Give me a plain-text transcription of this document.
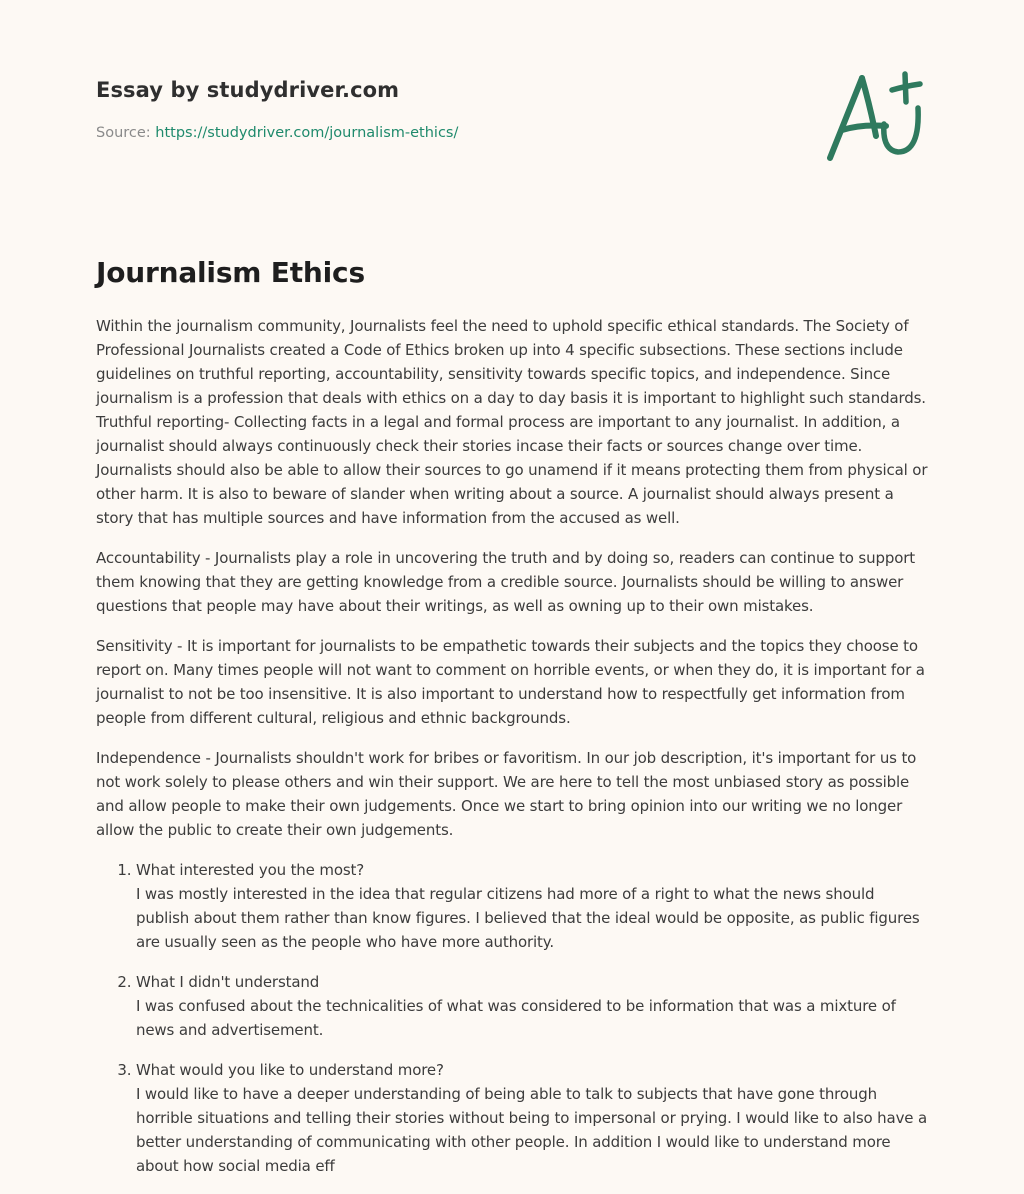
Essay by studydriver.com
Source: https://studydriver.com/journalism-ethics/
Journalism Ethics

Within the journalism community, Journalists feel the need to uphold specific ethical standards. The Society of Professional Journalists created a Code of Ethics broken up into 4 specific subsections. These sections include guidelines on truthful reporting, accountability, sensitivity towards specific topics, and independence. Since journalism is a profession that deals with ethics on a day to day basis it is important to highlight such standards. Truthful reporting- Collecting facts in a legal and formal process are important to any journalist. In addition, a journalist should always continuously check their stories incase their facts or sources change over time. Journalists should also be able to allow their sources to go unamend if it means protecting them from physical or other harm. It is also to beware of slander when writing about a source. A journalist should always present a story that has multiple sources and have information from the accused as well.

Accountability - Journalists play a role in uncovering the truth and by doing so, readers can continue to support them knowing that they are getting knowledge from a credible source. Journalists should be willing to answer questions that people may have about their writings, as well as owning up to their own mistakes.

Sensitivity - It is important for journalists to be empathetic towards their subjects and the topics they choose to report on. Many times people will not want to comment on horrible events, or when they do, it is important for a journalist to not be too insensitive. It is also important to understand how to respectfully get information from people from different cultural, religious and ethnic backgrounds.

Independence - Journalists shouldn't work for bribes or favoritism. In our job description, it's important for us to not work solely to please others and win their support. We are here to tell the most unbiased story as possible and allow people to make their own judgements. Once we start to bring opinion into our writing we no longer allow the public to create their own judgements.

1. What interested you the most?
I was mostly interested in the idea that regular citizens had more of a right to what the news should publish about them rather than know figures. I believed that the ideal would be opposite, as public figures are usually seen as the people who have more authority.
2. What I didn't understand
I was confused about the technicalities of what was considered to be information that was a mixture of news and advertisement.
3. What would you like to understand more?
I would like to have a deeper understanding of being able to talk to subjects that have gone through horrible situations and telling their stories without being to impersonal or prying. I would like to also have a better understanding of communicating with other people. In addition I would like to understand more about how social media eff
